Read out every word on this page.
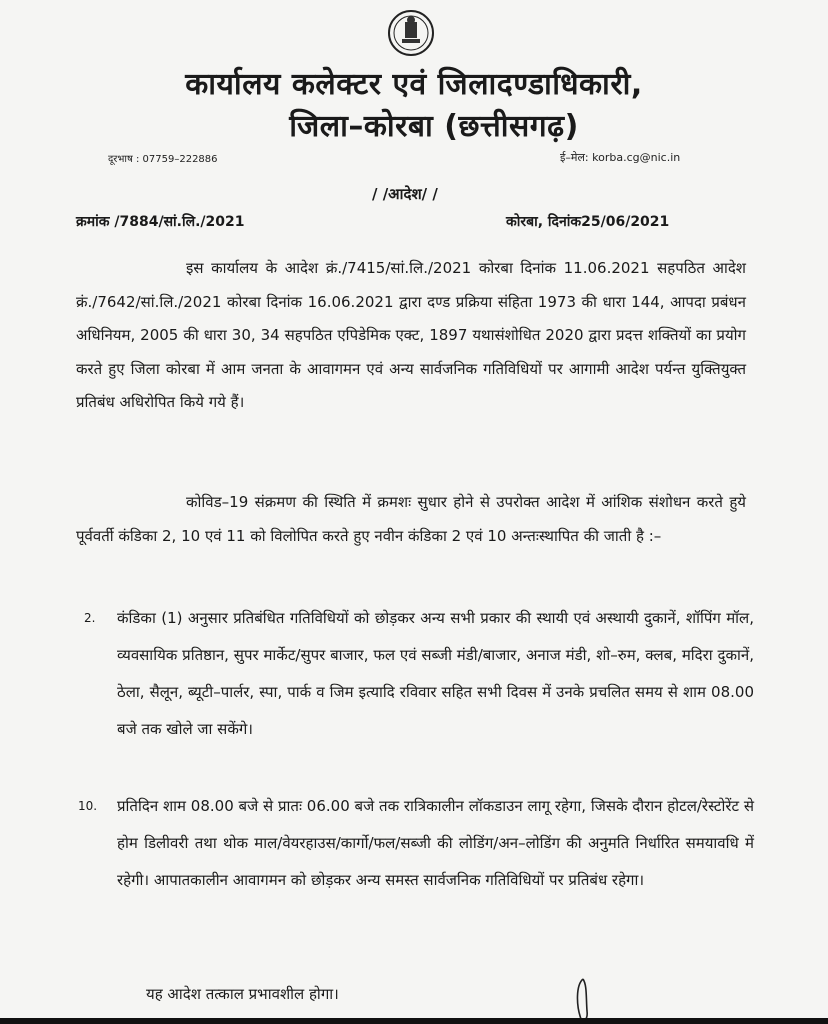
कार्यालय कलेक्टर एवं जिलादण्डाधिकारी,
जिला–कोरबा (छत्तीसगढ़)
दूरभाष : 07759–222886	ई–मेल: korba.cg@nic.in
/ /आदेश/ /
क्रमांक /7884/सां.लि./2021	कोरबा, दिनांक25/06/2021
इस कार्यालय के आदेश क्रं./7415/सां.लि./2021 कोरबा दिनांक 11.06.2021 सहपठित आदेश क्रं./7642/सां.लि./2021 कोरबा दिनांक 16.06.2021 द्वारा दण्ड प्रक्रिया संहिता 1973 की धारा 144, आपदा प्रबंधन अधिनियम, 2005 की धारा 30, 34 सहपठित एपिडेमिक एक्ट, 1897 यथासंशोधित 2020 द्वारा प्रदत्त शक्तियों का प्रयोग करते हुए जिला कोरबा में आम जनता के आवागमन एवं अन्य सार्वजनिक गतिविधियों पर आगामी आदेश पर्यन्त युक्तियुक्त प्रतिबंध अधिरोपित किये गये हैं।
कोविड–19 संक्रमण की स्थिति में क्रमशः सुधार होने से उपरोक्त आदेश में आंशिक संशोधन करते हुये पूर्ववर्ती कंडिका 2, 10 एवं 11 को विलोपित करते हुए नवीन कंडिका 2 एवं 10 अन्तःस्थापित की जाती है :–
2. कंडिका (1) अनुसार प्रतिबंधित गतिविधियों को छोड़कर अन्य सभी प्रकार की स्थायी एवं अस्थायी दुकानें, शॉपिंग मॉल, व्यवसायिक प्रतिष्ठान, सुपर मार्केट/सुपर बाजार, फल एवं सब्जी मंडी/बाजार, अनाज मंडी, शो–रुम, क्लब, मदिरा दुकानें, ठेला, सैलून, ब्यूटी–पार्लर, स्पा, पार्क व जिम इत्यादि रविवार सहित सभी दिवस में उनके प्रचलित समय से शाम 08.00 बजे तक खोले जा सकेंगे।
10. प्रतिदिन शाम 08.00 बजे से प्रातः 06.00 बजे तक रात्रिकालीन लॉकडाउन लागू रहेगा, जिसके दौरान होटल/रेस्टोरेंट से होम डिलीवरी तथा थोक माल/वेयरहाउस/कार्गो/फल/सब्जी की लोडिंग/अन–लोडिंग की अनुमति निर्धारित समयावधि में रहेगी। आपातकालीन आवागमन को छोड़कर अन्य समस्त सार्वजनिक गतिविधियों पर प्रतिबंध रहेगा।
यह आदेश तत्काल प्रभावशील होगा।
